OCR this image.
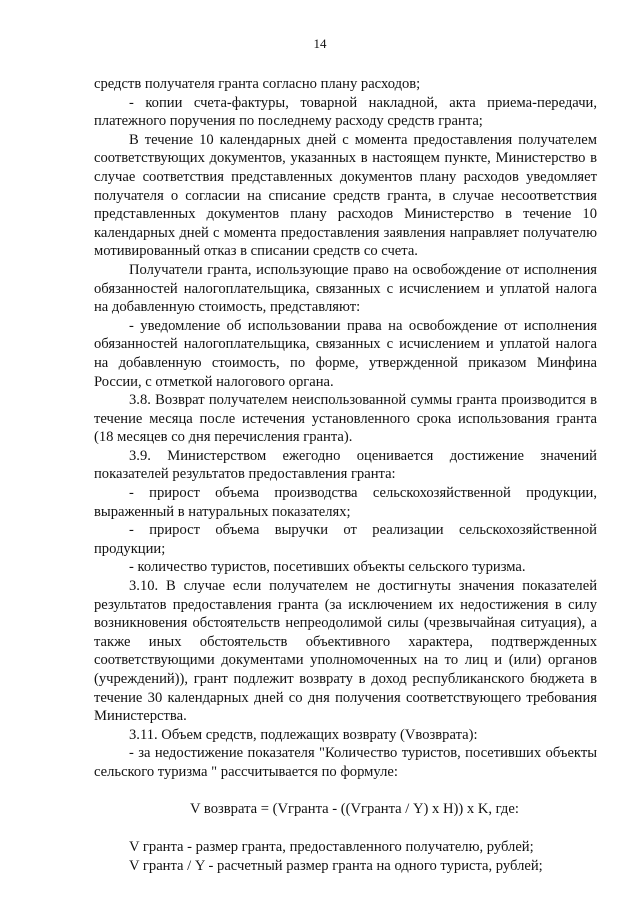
14

средств получателя гранта согласно плану расходов;

- копии счета-фактуры, товарной накладной, акта приема-передачи, платежного поручения по последнему расходу средств гранта;

В течение 10 календарных дней с момента предоставления получателем соответствующих документов, указанных в настоящем пункте, Министерство в случае соответствия представленных документов плану расходов уведомляет получателя о согласии на списание средств гранта, в случае несоответствия представленных документов плану расходов Министерство в течение 10 календарных дней с момента предоставления заявления направляет получателю мотивированный отказ в списании средств со счета.

Получатели гранта, использующие право на освобождение от исполнения обязанностей налогоплательщика, связанных с исчислением и уплатой налога на добавленную стоимость, представляют:

- уведомление об использовании права на освобождение от исполнения обязанностей налогоплательщика, связанных с исчислением и уплатой налога на добавленную стоимость, по форме, утвержденной приказом Минфина России, с отметкой налогового органа.

3.8. Возврат получателем неиспользованной суммы гранта производится в течение месяца после истечения установленного срока использования гранта (18 месяцев со дня перечисления гранта).

3.9. Министерством ежегодно оценивается достижение значений показателей результатов предоставления гранта:

- прирост объема производства сельскохозяйственной продукции, выраженный в натуральных показателях;

- прирост объема выручки от реализации сельскохозяйственной продукции;

- количество туристов, посетивших объекты сельского туризма.

3.10. В случае если получателем не достигнуты значения показателей результатов предоставления гранта (за исключением их недостижения в силу возникновения обстоятельств непреодолимой силы (чрезвычайная ситуация), а также иных обстоятельств объективного характера, подтвержденных соответствующими документами уполномоченных на то лиц и (или) органов (учреждений)), грант подлежит возврату в доход республиканского бюджета в течение 30 календарных дней со дня получения соответствующего требования Министерства.

3.11. Объем средств, подлежащих возврату (Vвозврата):

- за недостижение показателя "Количество туристов, посетивших объекты сельского туризма " рассчитывается по формуле:

V возврата = (Vгранта - ((Vгранта / Y) x H)) x K, где:

V гранта - размер гранта, предоставленного получателю, рублей;

V гранта / Y - расчетный размер гранта на одного туриста, рублей;
